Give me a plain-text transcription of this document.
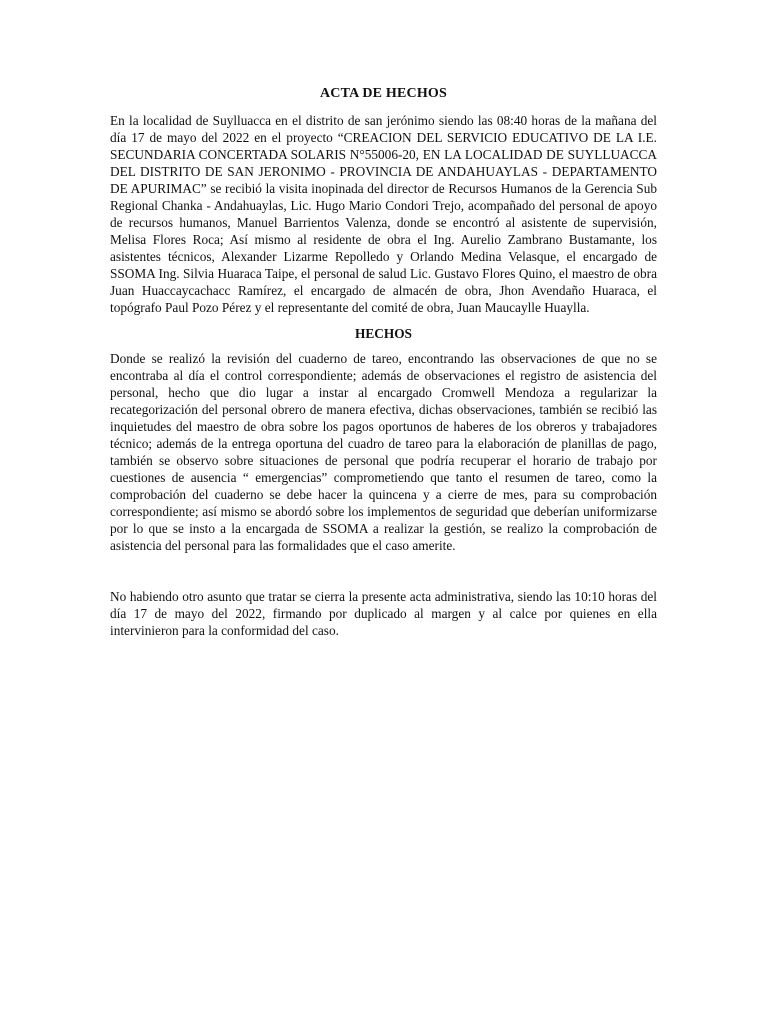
ACTA DE HECHOS

En la localidad de Suylluacca en el distrito de san jerónimo siendo las 08:40 horas de la mañana del día 17 de mayo del 2022 en el proyecto “CREACION DEL SERVICIO EDUCATIVO DE LA I.E. SECUNDARIA CONCERTADA SOLARIS N°55006-20, EN LA LOCALIDAD DE SUYLLUACCA DEL DISTRITO DE SAN JERONIMO - PROVINCIA DE ANDAHUAYLAS - DEPARTAMENTO DE APURIMAC” se recibió la visita inopinada del director de Recursos Humanos de la Gerencia Sub Regional Chanka - Andahuaylas, Lic. Hugo Mario Condori Trejo, acompañado del personal de apoyo de recursos humanos, Manuel Barrientos Valenza, donde se encontró al asistente de supervisión, Melisa Flores Roca; Así mismo al residente de obra el Ing. Aurelio Zambrano Bustamante, los asistentes técnicos, Alexander Lizarme Repolledo y Orlando Medina Velasque, el encargado de SSOMA Ing. Silvia Huaraca Taipe, el personal de salud Lic. Gustavo Flores Quino, el maestro de obra Juan Huaccaycachacc Ramírez, el encargado de almacén de obra, Jhon Avendaño Huaraca, el topógrafo Paul Pozo Pérez y el representante del comité de obra, Juan Maucaylle Huaylla.

HECHOS

Donde se realizó la revisión del cuaderno de tareo, encontrando las observaciones de que no se encontraba al día el control correspondiente; además de observaciones el registro de asistencia del personal, hecho que dio lugar a instar al encargado Cromwell Mendoza a regularizar la recategorización del personal obrero de manera efectiva, dichas observaciones, también se recibió las inquietudes del maestro de obra sobre los pagos oportunos de haberes de los obreros y trabajadores técnico; además de la entrega oportuna del cuadro de tareo para la elaboración de planillas de pago, también se observo sobre situaciones de personal que podría recuperar el horario de trabajo por cuestiones de ausencia “ emergencias” comprometiendo que tanto el resumen de tareo, como la comprobación del cuaderno se debe hacer la quincena y a cierre de mes, para su comprobación correspondiente; así mismo se abordó sobre los implementos de seguridad que deberían uniformizarse por lo que se insto a la encargada de SSOMA a realizar la gestión, se realizo la comprobación de asistencia del personal para las formalidades que el caso amerite.

No habiendo otro asunto que tratar se cierra la presente acta administrativa, siendo las 10:10 horas del día 17 de mayo del 2022, firmando por duplicado al margen y al calce por quienes en ella intervinieron para la conformidad del caso.
